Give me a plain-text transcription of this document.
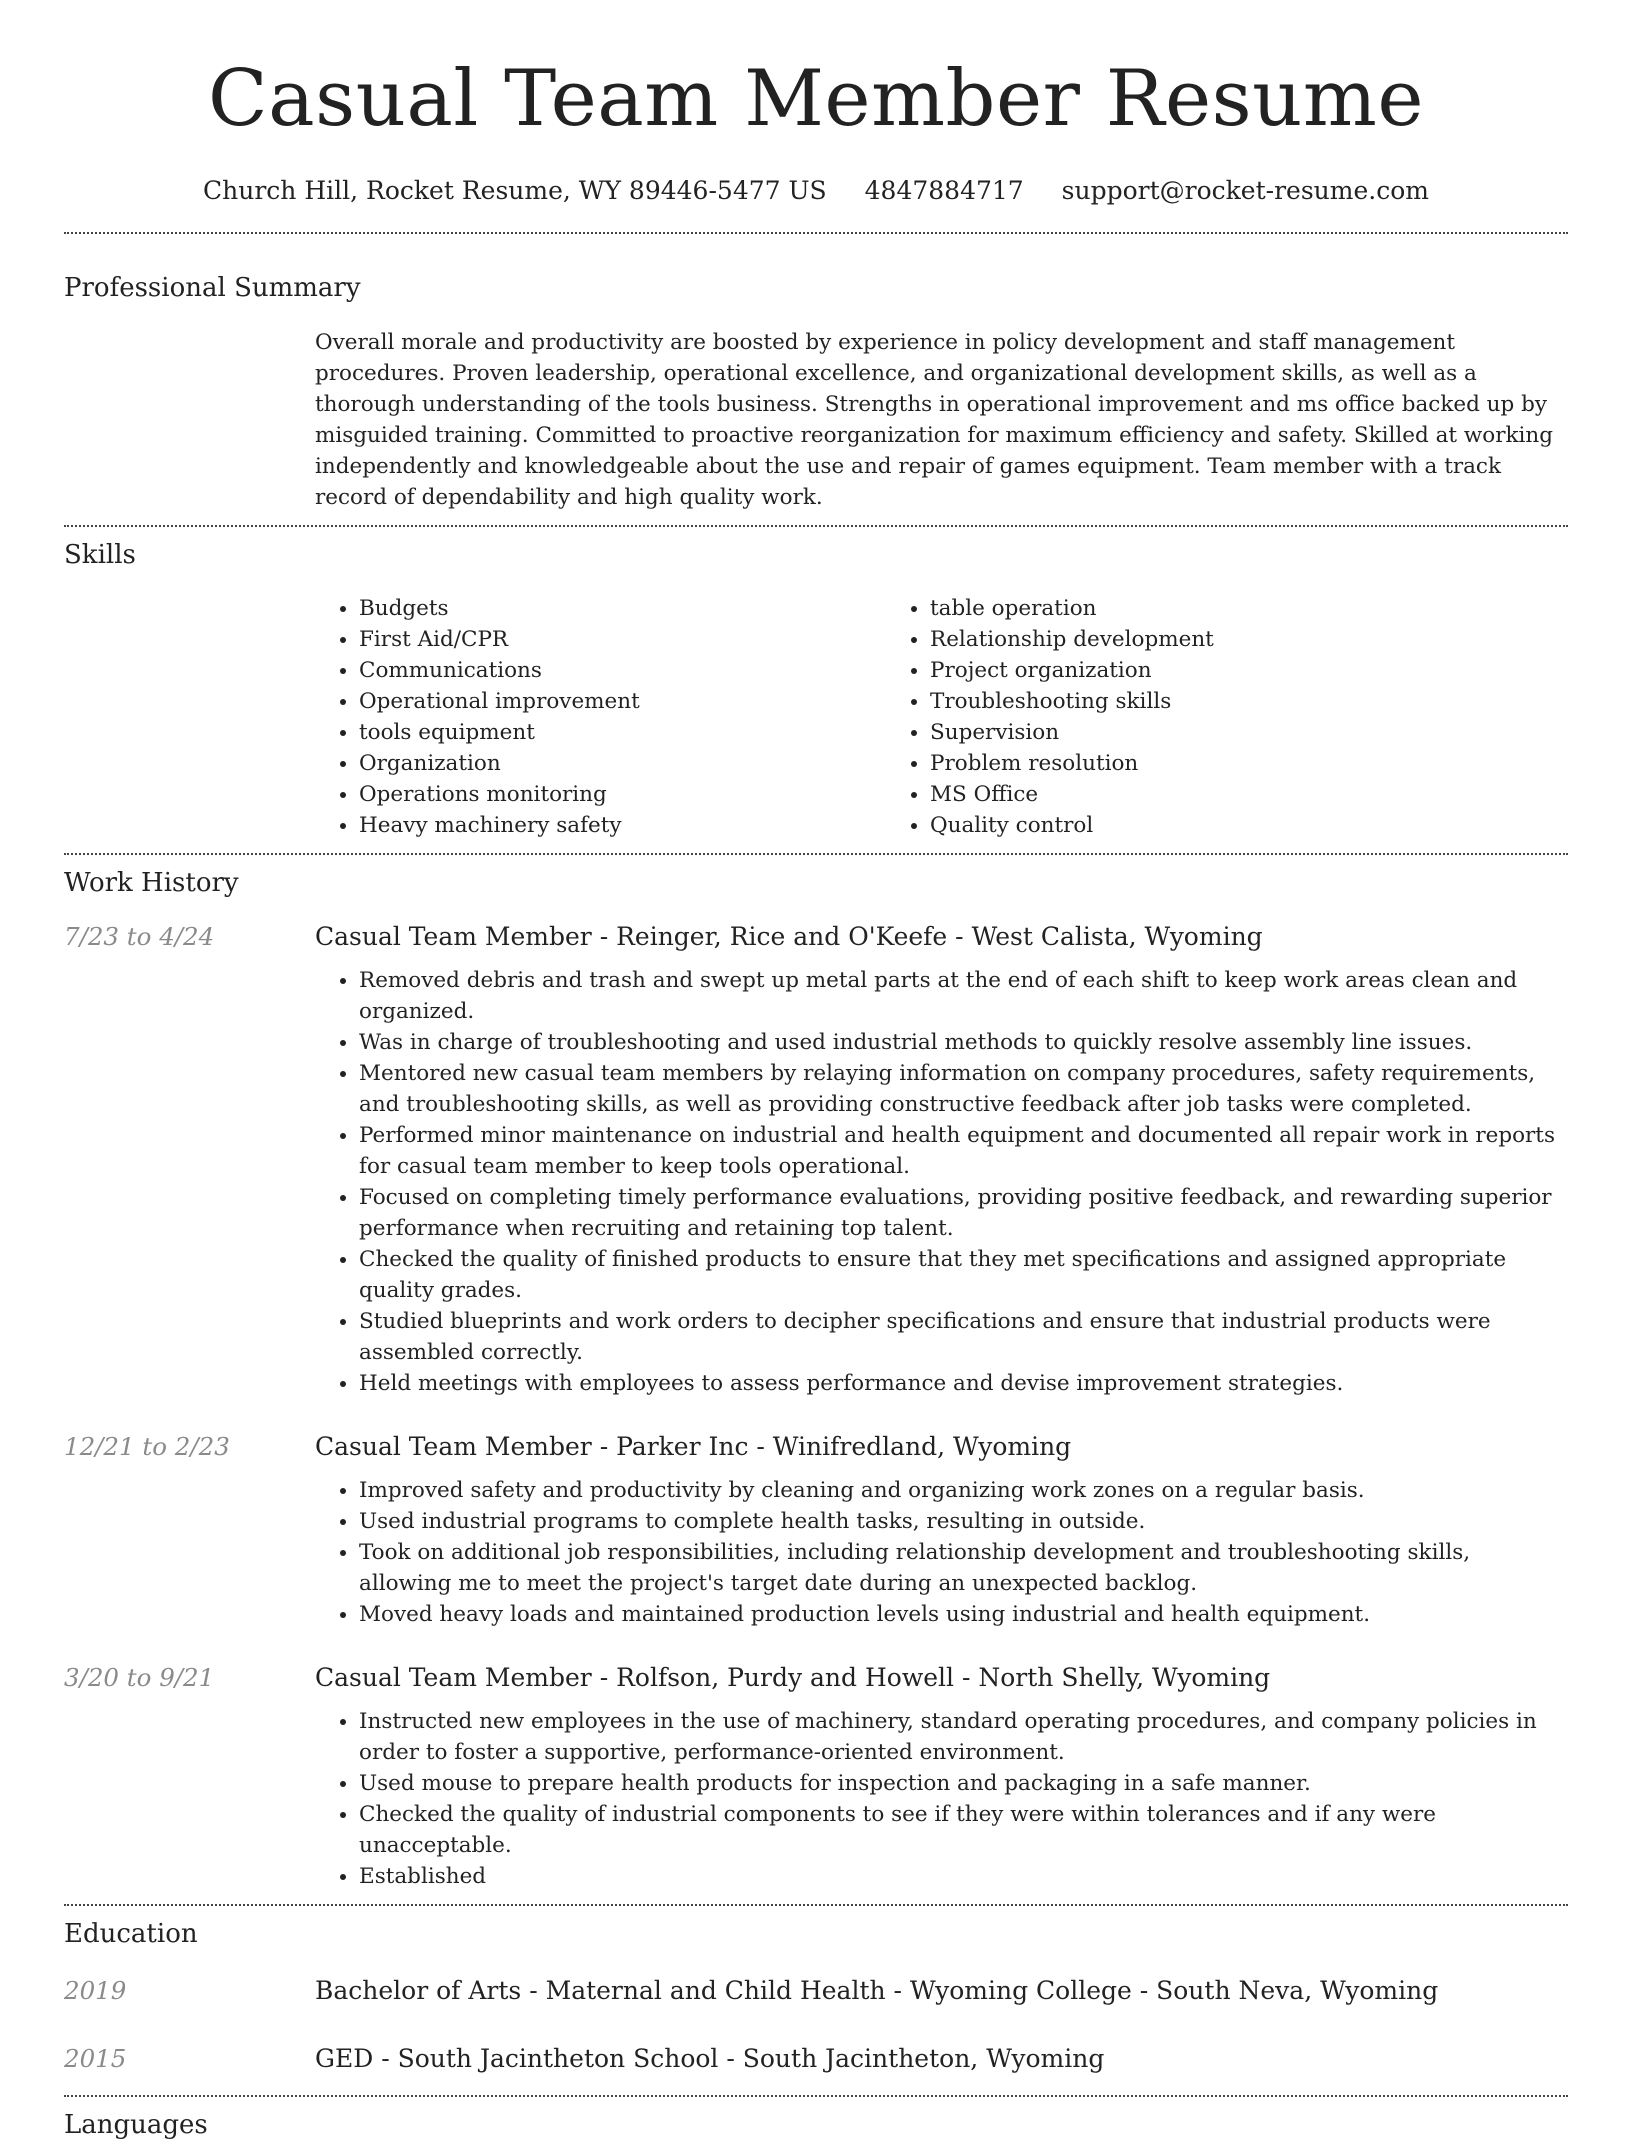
Casual Team Member Resume
Church Hill, Rocket Resume, WY 89446-5477 US 4847884717 support@rocket-resume.com
Professional Summary
Overall morale and productivity are boosted by experience in policy development and staff management procedures. Proven leadership, operational excellence, and organizational development skills, as well as a thorough understanding of the tools business. Strengths in operational improvement and ms office backed up by misguided training. Committed to proactive reorganization for maximum efficiency and safety. Skilled at working independently and knowledgeable about the use and repair of games equipment. Team member with a track record of dependability and high quality work.
Skills
• Budgets
• First Aid/CPR
• Communications
• Operational improvement
• tools equipment
• Organization
• Operations monitoring
• Heavy machinery safety
• table operation
• Relationship development
• Project organization
• Troubleshooting skills
• Supervision
• Problem resolution
• MS Office
• Quality control
Work History
7/23 to 4/24	Casual Team Member - Reinger, Rice and O'Keefe - West Calista, Wyoming
• Removed debris and trash and swept up metal parts at the end of each shift to keep work areas clean and organized.
• Was in charge of troubleshooting and used industrial methods to quickly resolve assembly line issues.
• Mentored new casual team members by relaying information on company procedures, safety requirements, and troubleshooting skills, as well as providing constructive feedback after job tasks were completed.
• Performed minor maintenance on industrial and health equipment and documented all repair work in reports for casual team member to keep tools operational.
• Focused on completing timely performance evaluations, providing positive feedback, and rewarding superior performance when recruiting and retaining top talent.
• Checked the quality of finished products to ensure that they met specifications and assigned appropriate quality grades.
• Studied blueprints and work orders to decipher specifications and ensure that industrial products were assembled correctly.
• Held meetings with employees to assess performance and devise improvement strategies.
12/21 to 2/23	Casual Team Member - Parker Inc - Winifredland, Wyoming
• Improved safety and productivity by cleaning and organizing work zones on a regular basis.
• Used industrial programs to complete health tasks, resulting in outside.
• Took on additional job responsibilities, including relationship development and troubleshooting skills, allowing me to meet the project's target date during an unexpected backlog.
• Moved heavy loads and maintained production levels using industrial and health equipment.
3/20 to 9/21	Casual Team Member - Rolfson, Purdy and Howell - North Shelly, Wyoming
• Instructed new employees in the use of machinery, standard operating procedures, and company policies in order to foster a supportive, performance-oriented environment.
• Used mouse to prepare health products for inspection and packaging in a safe manner.
• Checked the quality of industrial components to see if they were within tolerances and if any were unacceptable.
• Established
Education
2019	Bachelor of Arts - Maternal and Child Health - Wyoming College - South Neva, Wyoming
2015	GED - South Jacintheton School - South Jacintheton, Wyoming
Languages
